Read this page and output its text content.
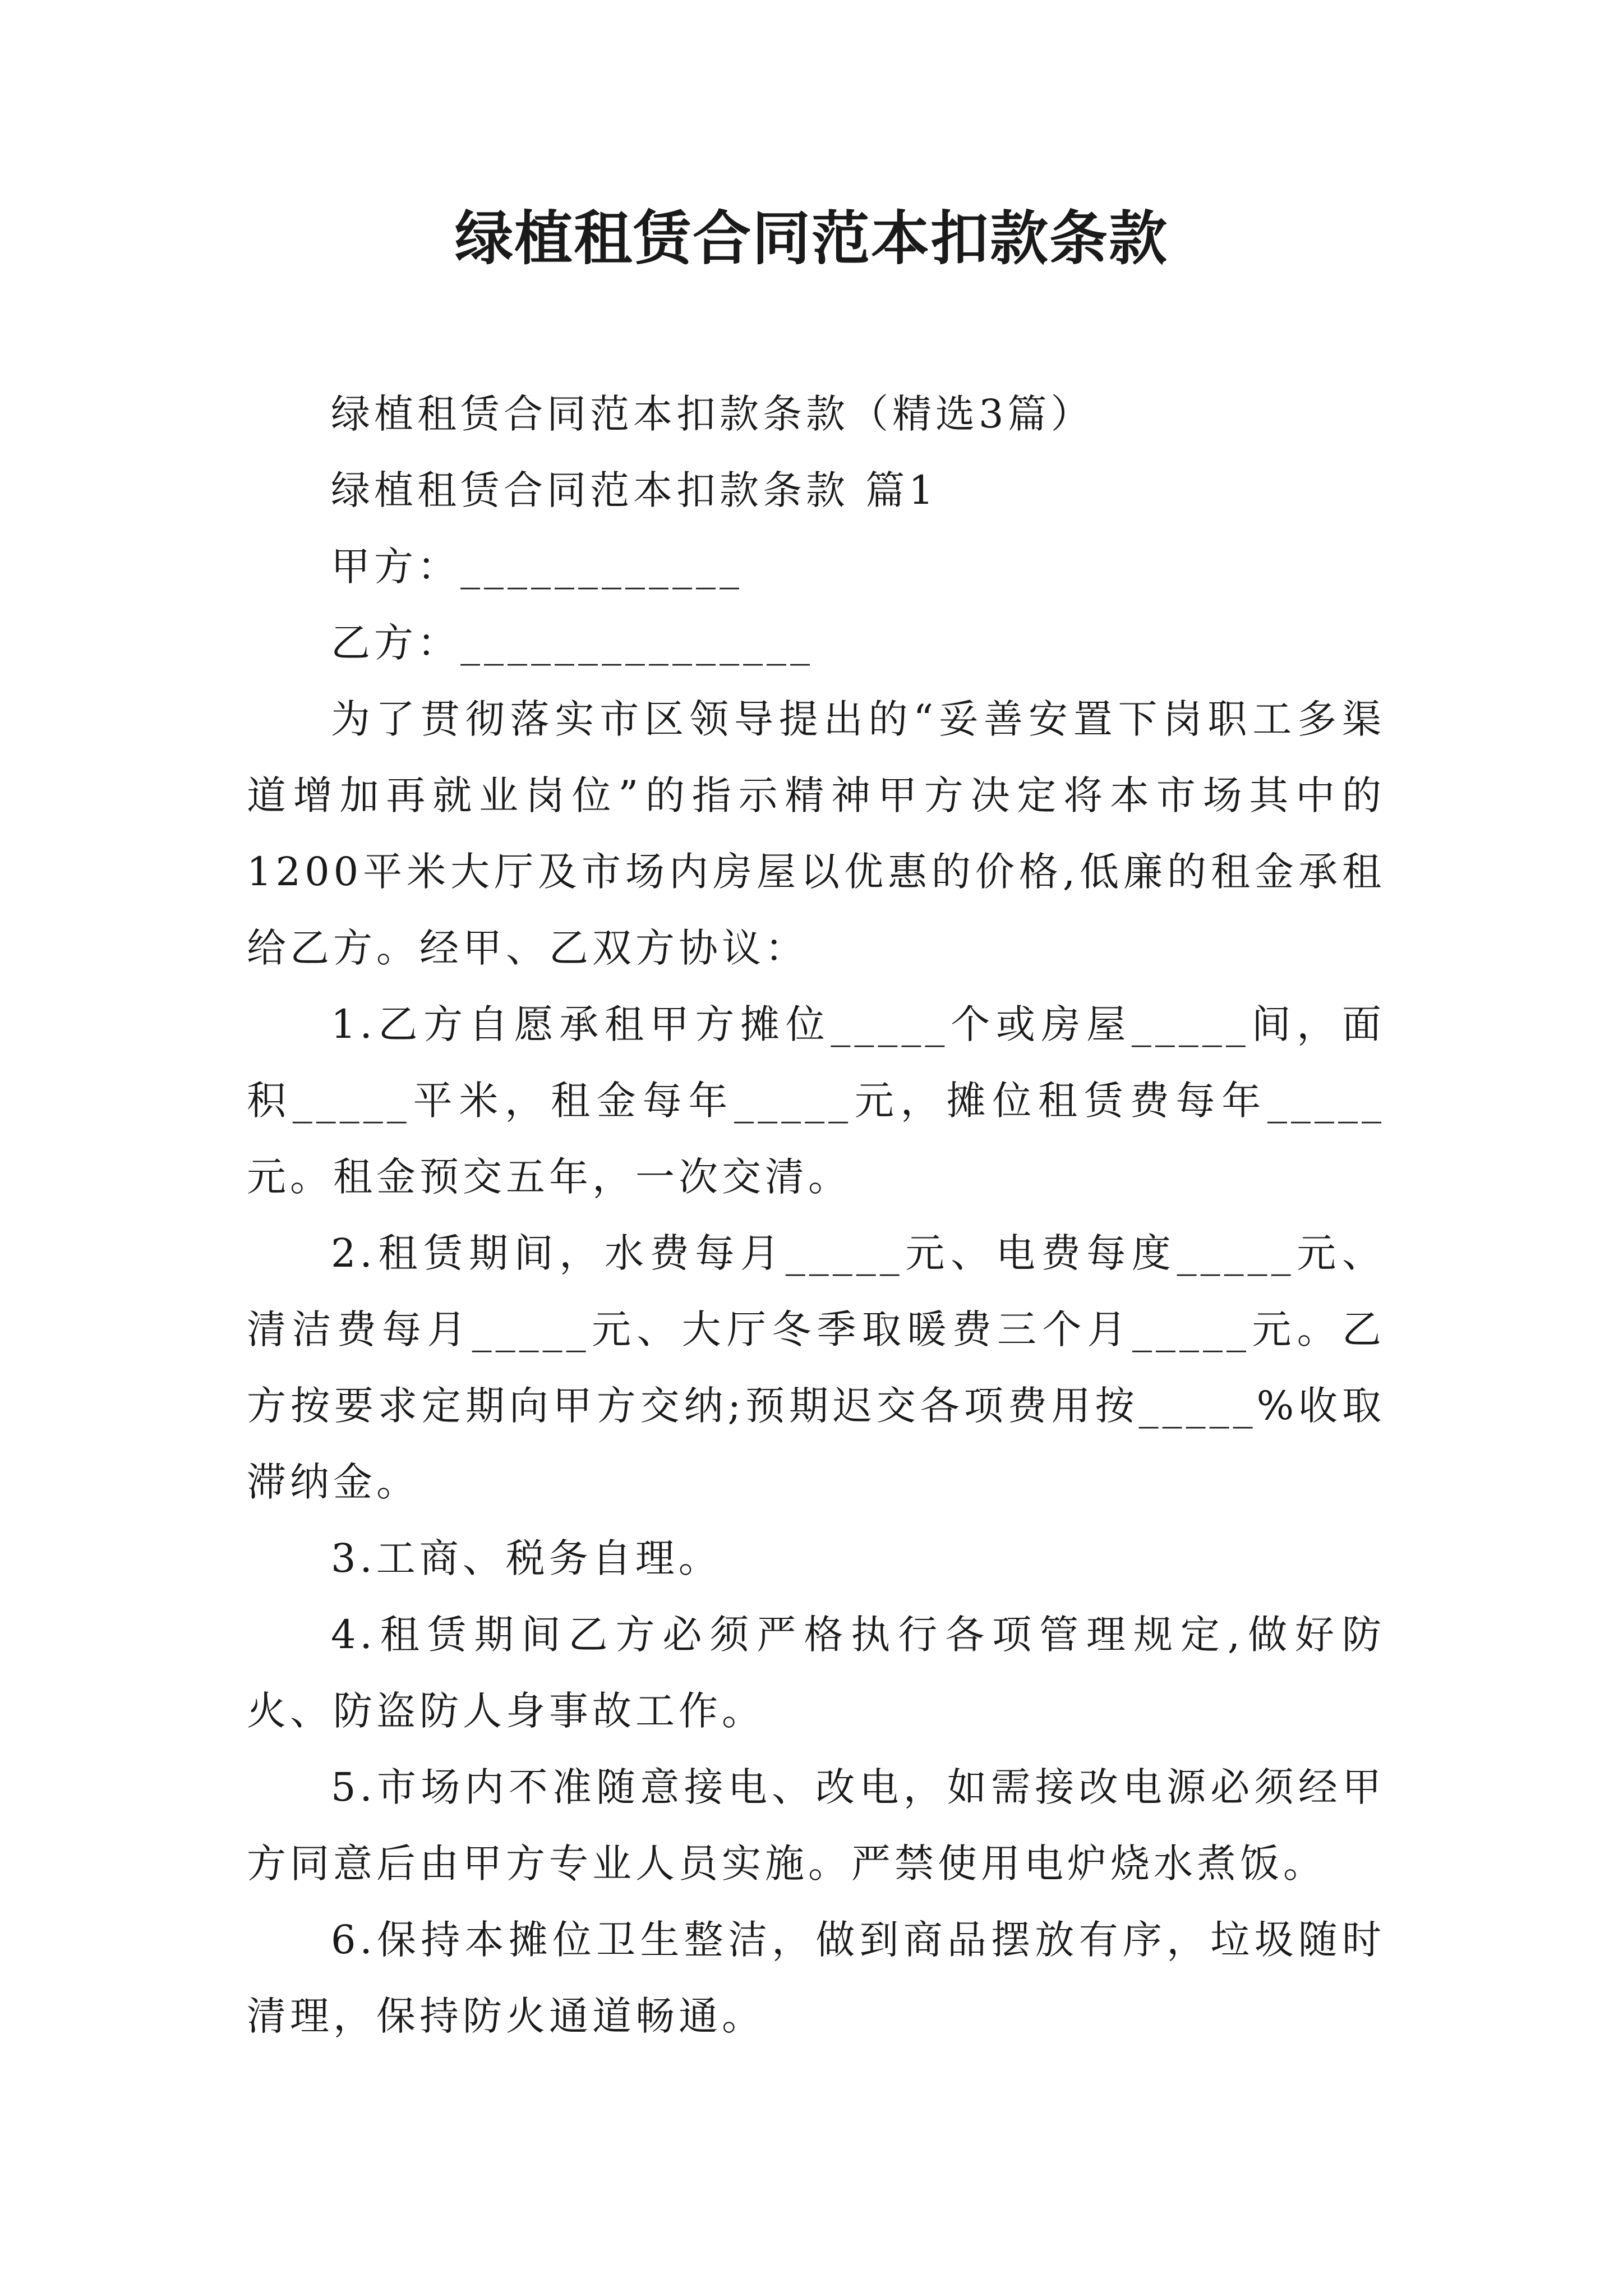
绿植租赁合同范本扣款条款

绿植租赁合同范本扣款条款（精选3篇）

绿植租赁合同范本扣款条款 篇1

甲方：____________

乙方：_______________

为了贯彻落实市区领导提出的“妥善安置下岗职工多渠道增加再就业岗位”的指示精神甲方决定将本市场其中的1200平米大厅及市场内房屋以优惠的价格,低廉的租金承租给乙方。经甲、乙双方协议：

1.乙方自愿承租甲方摊位_____个或房屋_____间，面积_____平米，租金每年_____元，摊位租赁费每年_____元。租金预交五年，一次交清。

2.租赁期间，水费每月_____元、电费每度_____元、清洁费每月_____元、大厅冬季取暖费三个月_____元。乙方按要求定期向甲方交纳;预期迟交各项费用按_____%收取滞纳金。

3.工商、税务自理。

4.租赁期间乙方必须严格执行各项管理规定,做好防火、防盗防人身事故工作。

5.市场内不准随意接电、改电，如需接改电源必须经甲方同意后由甲方专业人员实施。严禁使用电炉烧水煮饭。

6.保持本摊位卫生整洁，做到商品摆放有序，垃圾随时清理，保持防火通道畅通。
